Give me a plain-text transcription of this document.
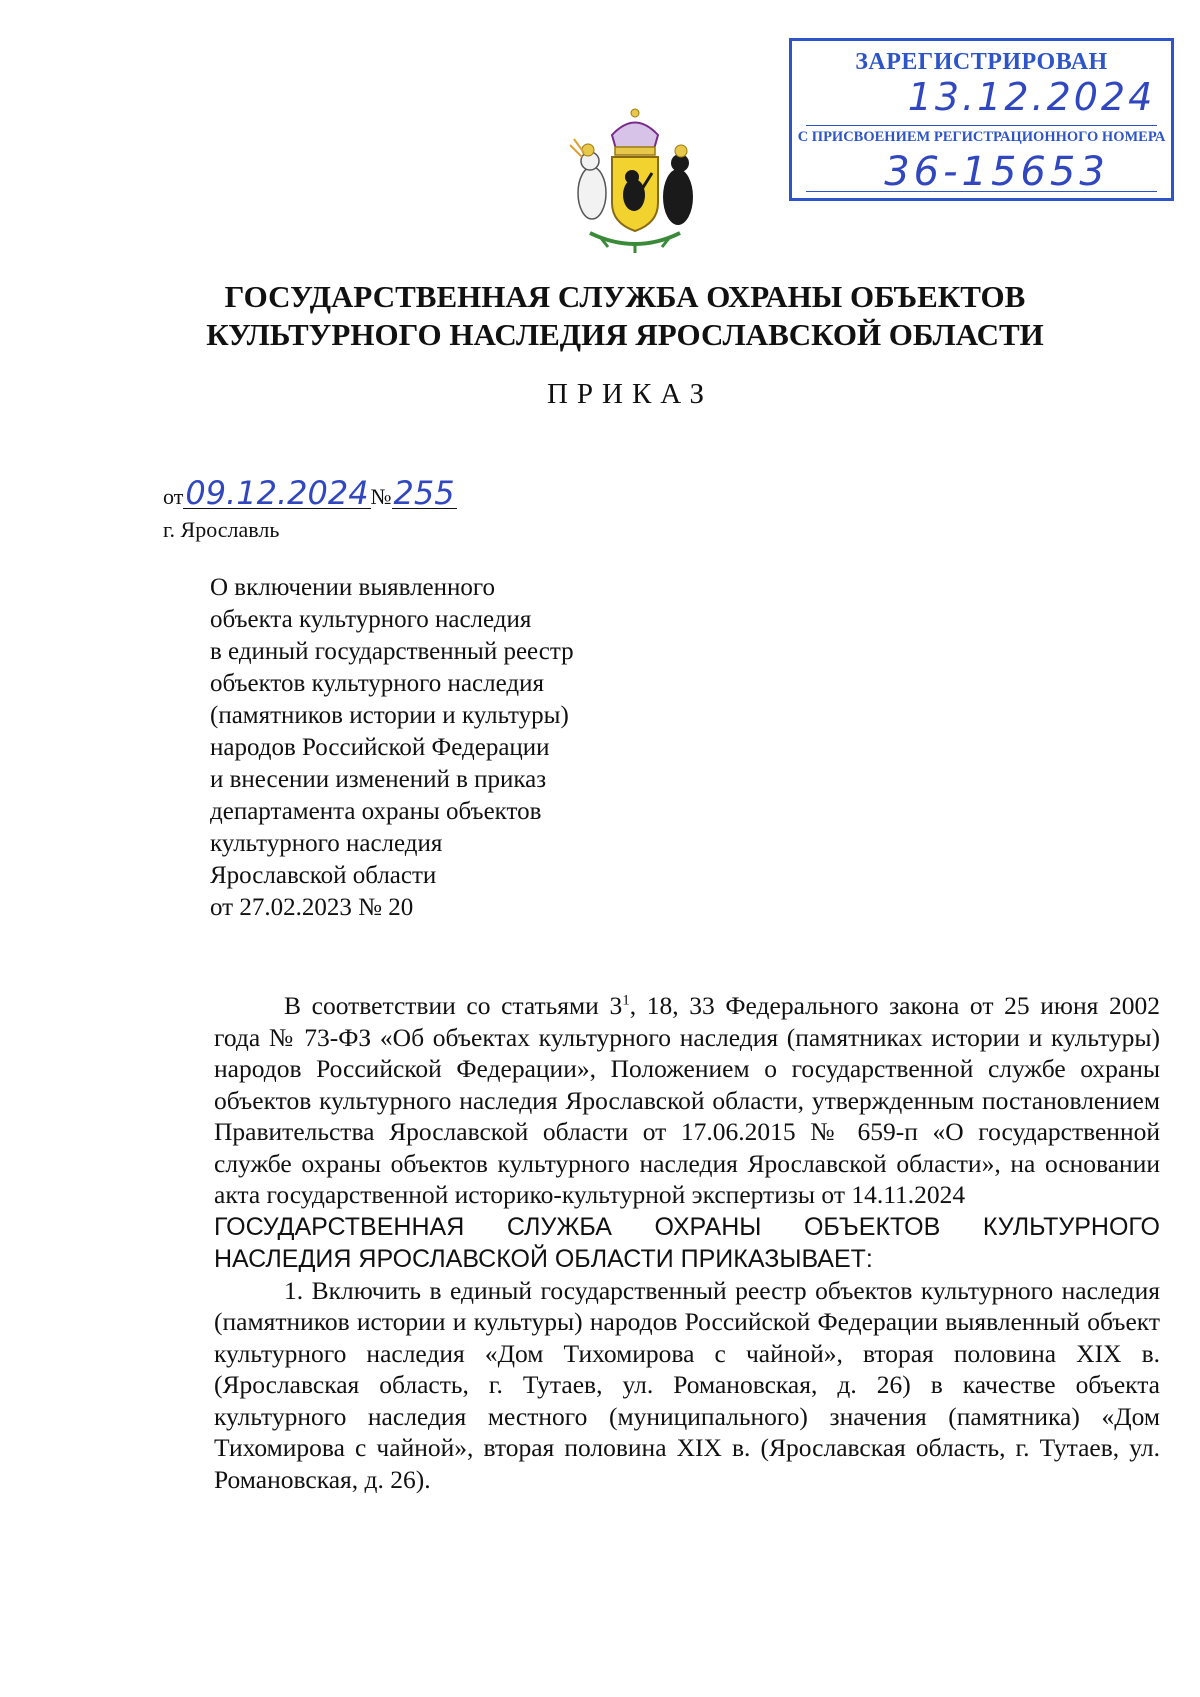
ЗАРЕГИСТРИРОВАН
13.12.2024
С ПРИСВОЕНИЕМ РЕГИСТРАЦИОННОГО НОМЕРА
36-15653
ГОСУДАРСТВЕННАЯ СЛУЖБА ОХРАНЫ ОБЪЕКТОВ
КУЛЬТУРНОГО НАСЛЕДИЯ ЯРОСЛАВСКОЙ ОБЛАСТИ
ПРИКАЗ
от09.12.2024№255
г. Ярославль
О включении выявленного
объекта культурного наследия
в единый государственный реестр
объектов культурного наследия
(памятников истории и культуры)
народов Российской Федерации
и внесении изменений в приказ
департамента охраны объектов
культурного наследия
Ярославской области
от 27.02.2023 № 20

В соответствии со статьями $3^1$, 18, 33 Федерального закона от 25 июня 2002 года № 73-ФЗ «Об объектах культурного наследия (памятниках истории и культуры) народов Российской Федерации», Положением о государственной службе охраны объектов культурного наследия Ярославской области, утвержденным постановлением Правительства Ярославской области от 17.06.2015 № 659-п «О государственной службе охраны объектов культурного наследия Ярославской области», на основании акта государственной историко-культурной экспертизы от 14.11.2024

ГОСУДАРСТВЕННАЯ СЛУЖБА ОХРАНЫ ОБЪЕКТОВ КУЛЬТУРНОГО НАСЛЕДИЯ ЯРОСЛАВСКОЙ ОБЛАСТИ ПРИКАЗЫВАЕТ:

1. Включить в единый государственный реестр объектов культурного наследия (памятников истории и культуры) народов Российской Федерации выявленный объект культурного наследия «Дом Тихомирова с чайной», вторая половина XIX в. (Ярославская область, г. Тутаев, ул. Романовская, д. 26) в качестве объекта культурного наследия местного (муниципального) значения (памятника) «Дом Тихомирова с чайной», вторая половина XIX в. (Ярославская область, г. Тутаев, ул. Романовская, д. 26).
